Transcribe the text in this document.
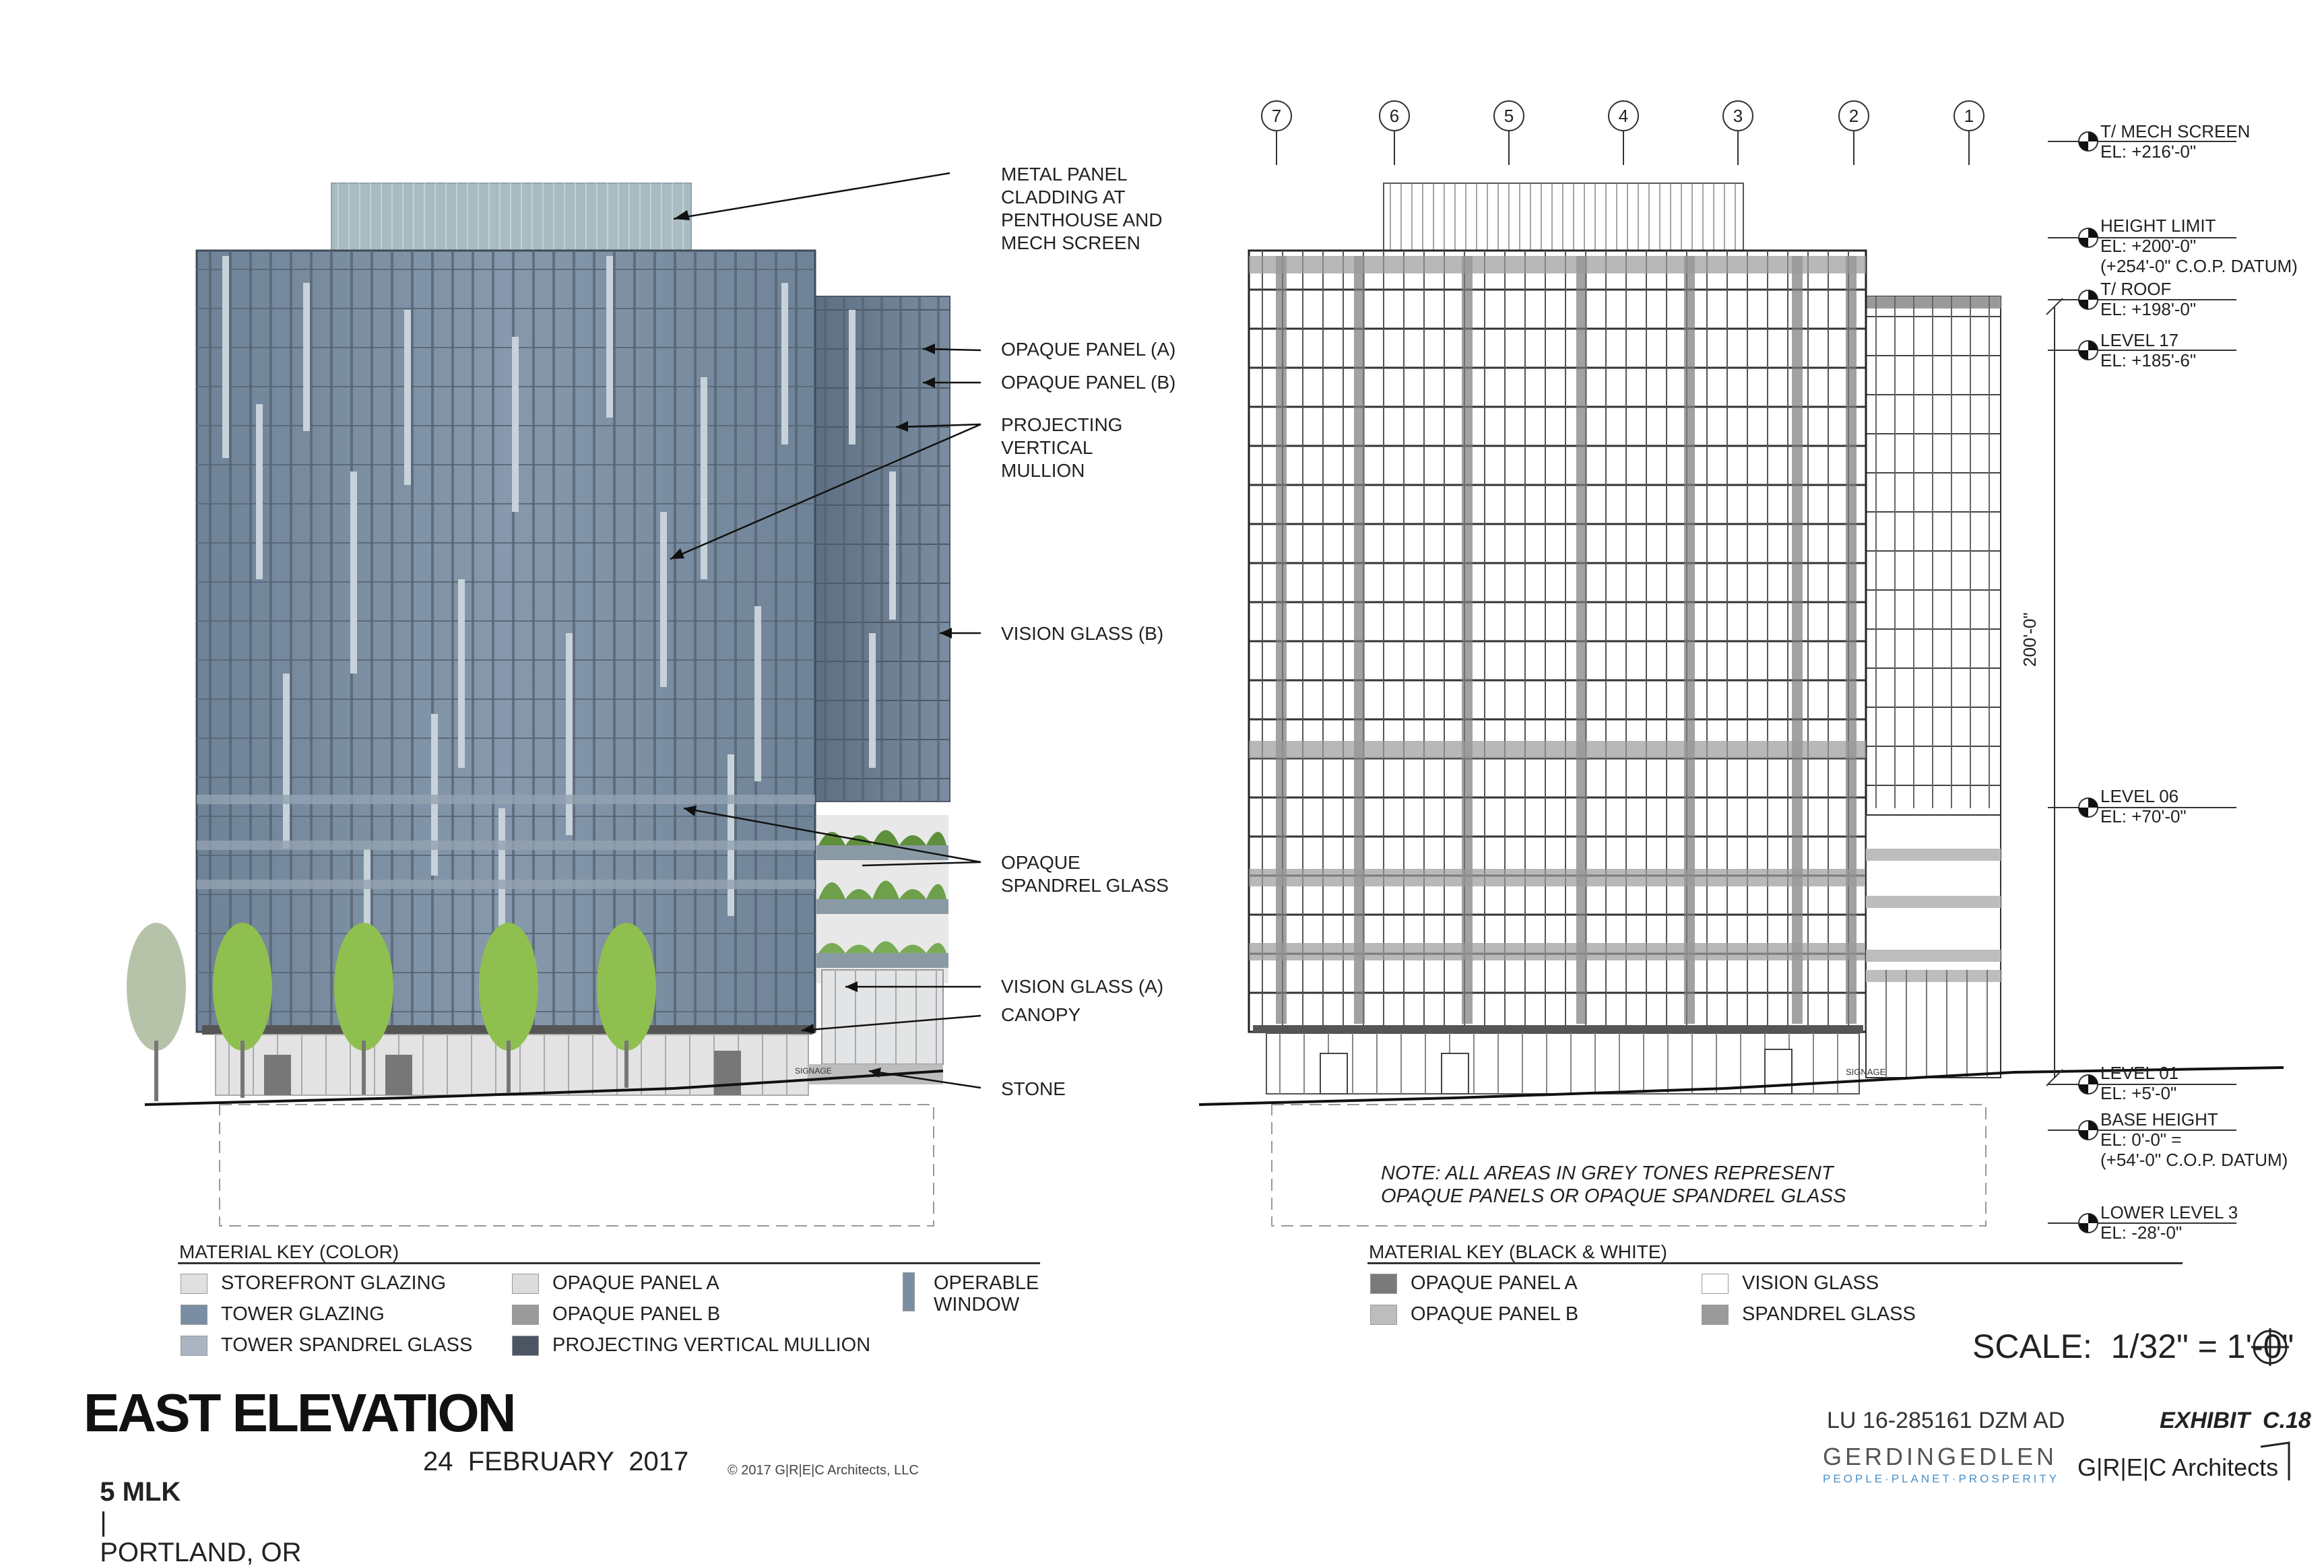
SIGNAGE
METAL PANEL
CLADDING AT
PENTHOUSE AND
MECH SCREEN
OPAQUE PANEL (A)
OPAQUE PANEL (B)
PROJECTING
VERTICAL
MULLION
VISION GLASS (B)
OPAQUE
SPANDREL GLASS
VISION GLASS (A)
CANOPY
STONE
7	6	5	4	3	2	1
SIGNAGE
200'-0"
T/ MECH SCREEN
EL: +216'-0"
HEIGHT LIMIT
EL: +200'-0"
(+254'-0" C.O.P. DATUM)
T/ ROOF
EL: +198'-0"
LEVEL 17
EL: +185'-6"
LEVEL 06
EL: +70'-0"
LEVEL 01
EL: +5'-0"
BASE HEIGHT
EL: 0'-0" =
(+54'-0" C.O.P. DATUM)
LOWER LEVEL 3
EL: -28'-0"
NOTE: ALL AREAS IN GREY TONES REPRESENT
OPAQUE PANELS OR OPAQUE SPANDREL GLASS
MATERIAL KEY (COLOR)
STOREFRONT GLAZING
TOWER GLAZING
TOWER SPANDREL GLASS
OPAQUE PANEL A
OPAQUE PANEL B
PROJECTING VERTICAL MULLION
OPERABLE
WINDOW
MATERIAL KEY (BLACK & WHITE)
OPAQUE PANEL A
OPAQUE PANEL B
VISION GLASS
SPANDREL GLASS
SCALE:  1/32" = 1'-0"
EAST ELEVATION

5 MLK
|
PORTLAND, OR

24  FEBRUARY  2017	© 2017 G|R|E|C Architects, LLC
LU 16-285161 DZM AD	EXHIBIT  C.18
GERDINGEDLEN
PEOPLE·PLANET·PROSPERITY G|R|E|C Architects
